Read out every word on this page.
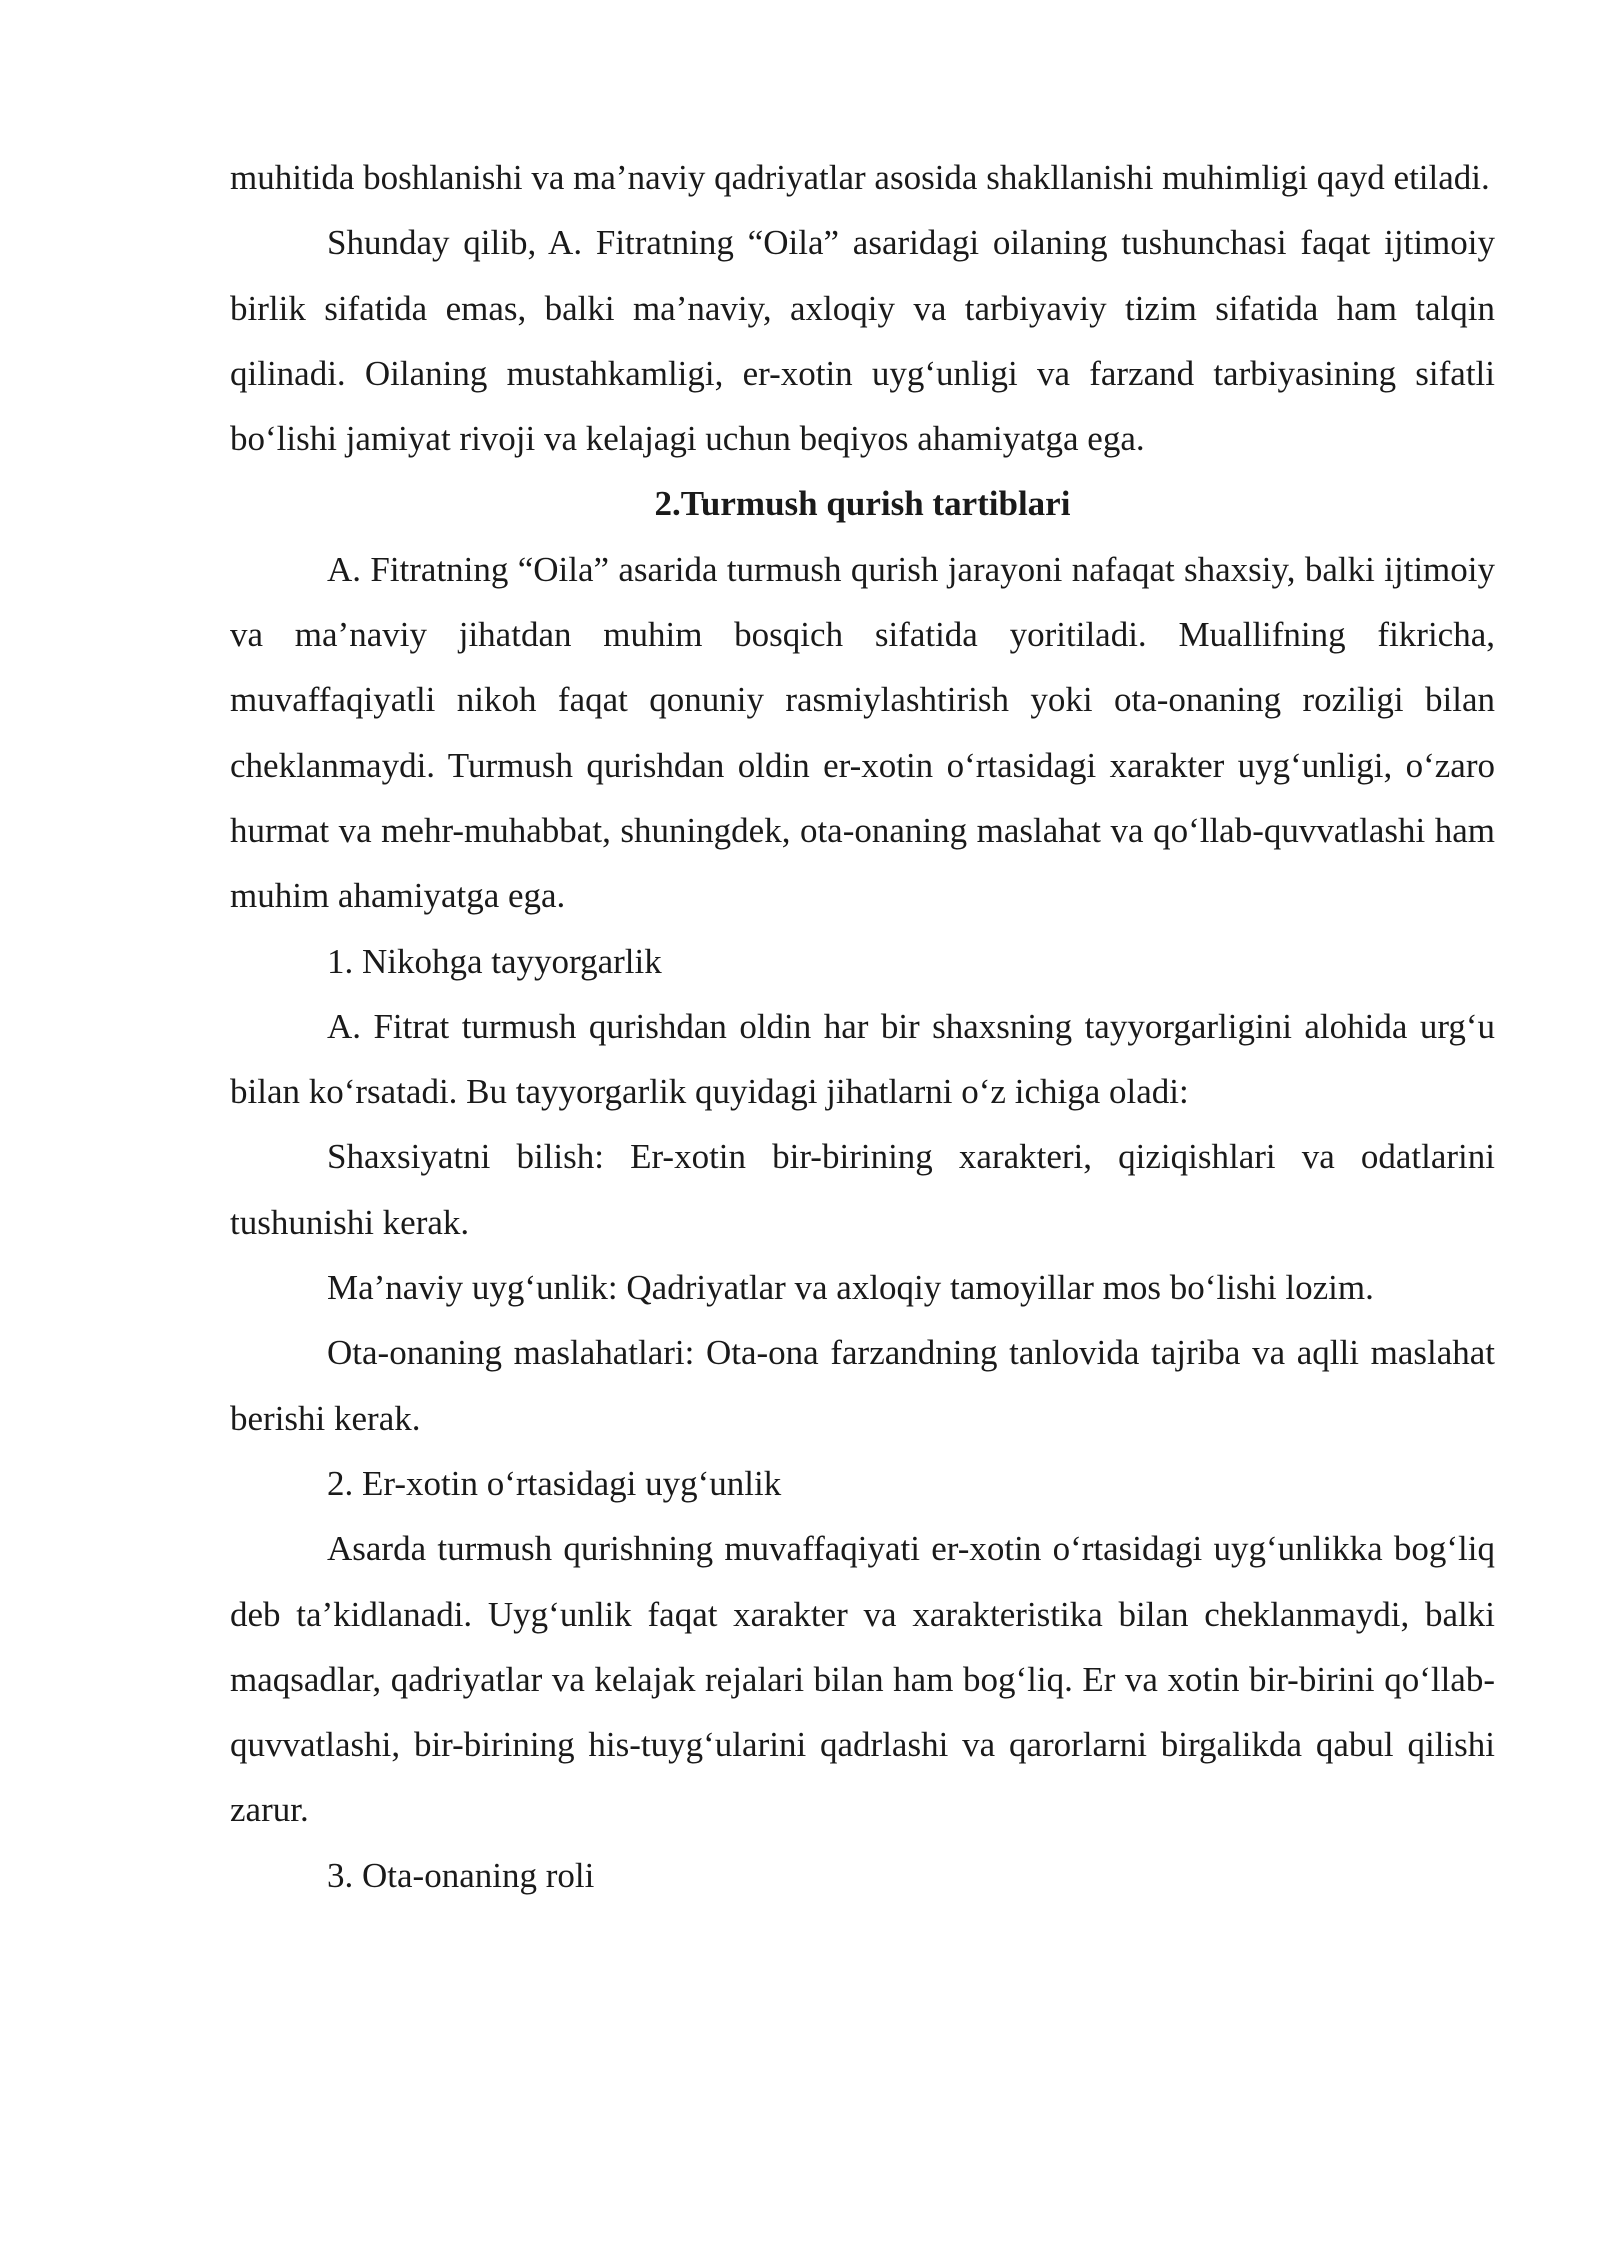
muhitida boshlanishi va ma’naviy qadriyatlar asosida shakllanishi muhimligi qayd etiladi.

Shunday qilib, A. Fitratning “Oila” asaridagi oilaning tushunchasi faqat ijtimoiy birlik sifatida emas, balki ma’naviy, axloqiy va tarbiyaviy tizim sifatida ham talqin qilinadi. Oilaning mustahkamligi, er-xotin uyg‘unligi va farzand tarbiyasining sifatli bo‘lishi jamiyat rivoji va kelajagi uchun beqiyos ahamiyatga ega.

2.Turmush qurish tartiblari

A. Fitratning “Oila” asarida turmush qurish jarayoni nafaqat shaxsiy, balki ijtimoiy va ma’naviy jihatdan muhim bosqich sifatida yoritiladi. Muallifning fikricha, muvaffaqiyatli nikoh faqat qonuniy rasmiylashtirish yoki ota-onaning roziligi bilan cheklanmaydi. Turmush qurishdan oldin er-xotin o‘rtasidagi xarakter uyg‘unligi, o‘zaro hurmat va mehr-muhabbat, shuningdek, ota-onaning maslahat va qo‘llab-quvvatlashi ham muhim ahamiyatga ega.

1. Nikohga tayyorgarlik

A. Fitrat turmush qurishdan oldin har bir shaxsning tayyorgarligini alohida urg‘u bilan ko‘rsatadi. Bu tayyorgarlik quyidagi jihatlarni o‘z ichiga oladi:

Shaxsiyatni bilish: Er-xotin bir-birining xarakteri, qiziqishlari va odatlarini tushunishi kerak.

Ma’naviy uyg‘unlik: Qadriyatlar va axloqiy tamoyillar mos bo‘lishi lozim.

Ota-onaning maslahatlari: Ota-ona farzandning tanlovida tajriba va aqlli maslahat berishi kerak.

2. Er-xotin o‘rtasidagi uyg‘unlik

Asarda turmush qurishning muvaffaqiyati er-xotin o‘rtasidagi uyg‘unlikka bog‘liq deb ta’kidlanadi. Uyg‘unlik faqat xarakter va xarakteristika bilan cheklanmaydi, balki maqsadlar, qadriyatlar va kelajak rejalari bilan ham bog‘liq. Er va xotin bir-birini qo‘llab-quvvatlashi, bir-birining his-tuyg‘ularini qadrlashi va qarorlarni birgalikda qabul qilishi zarur.

3. Ota-onaning roli
